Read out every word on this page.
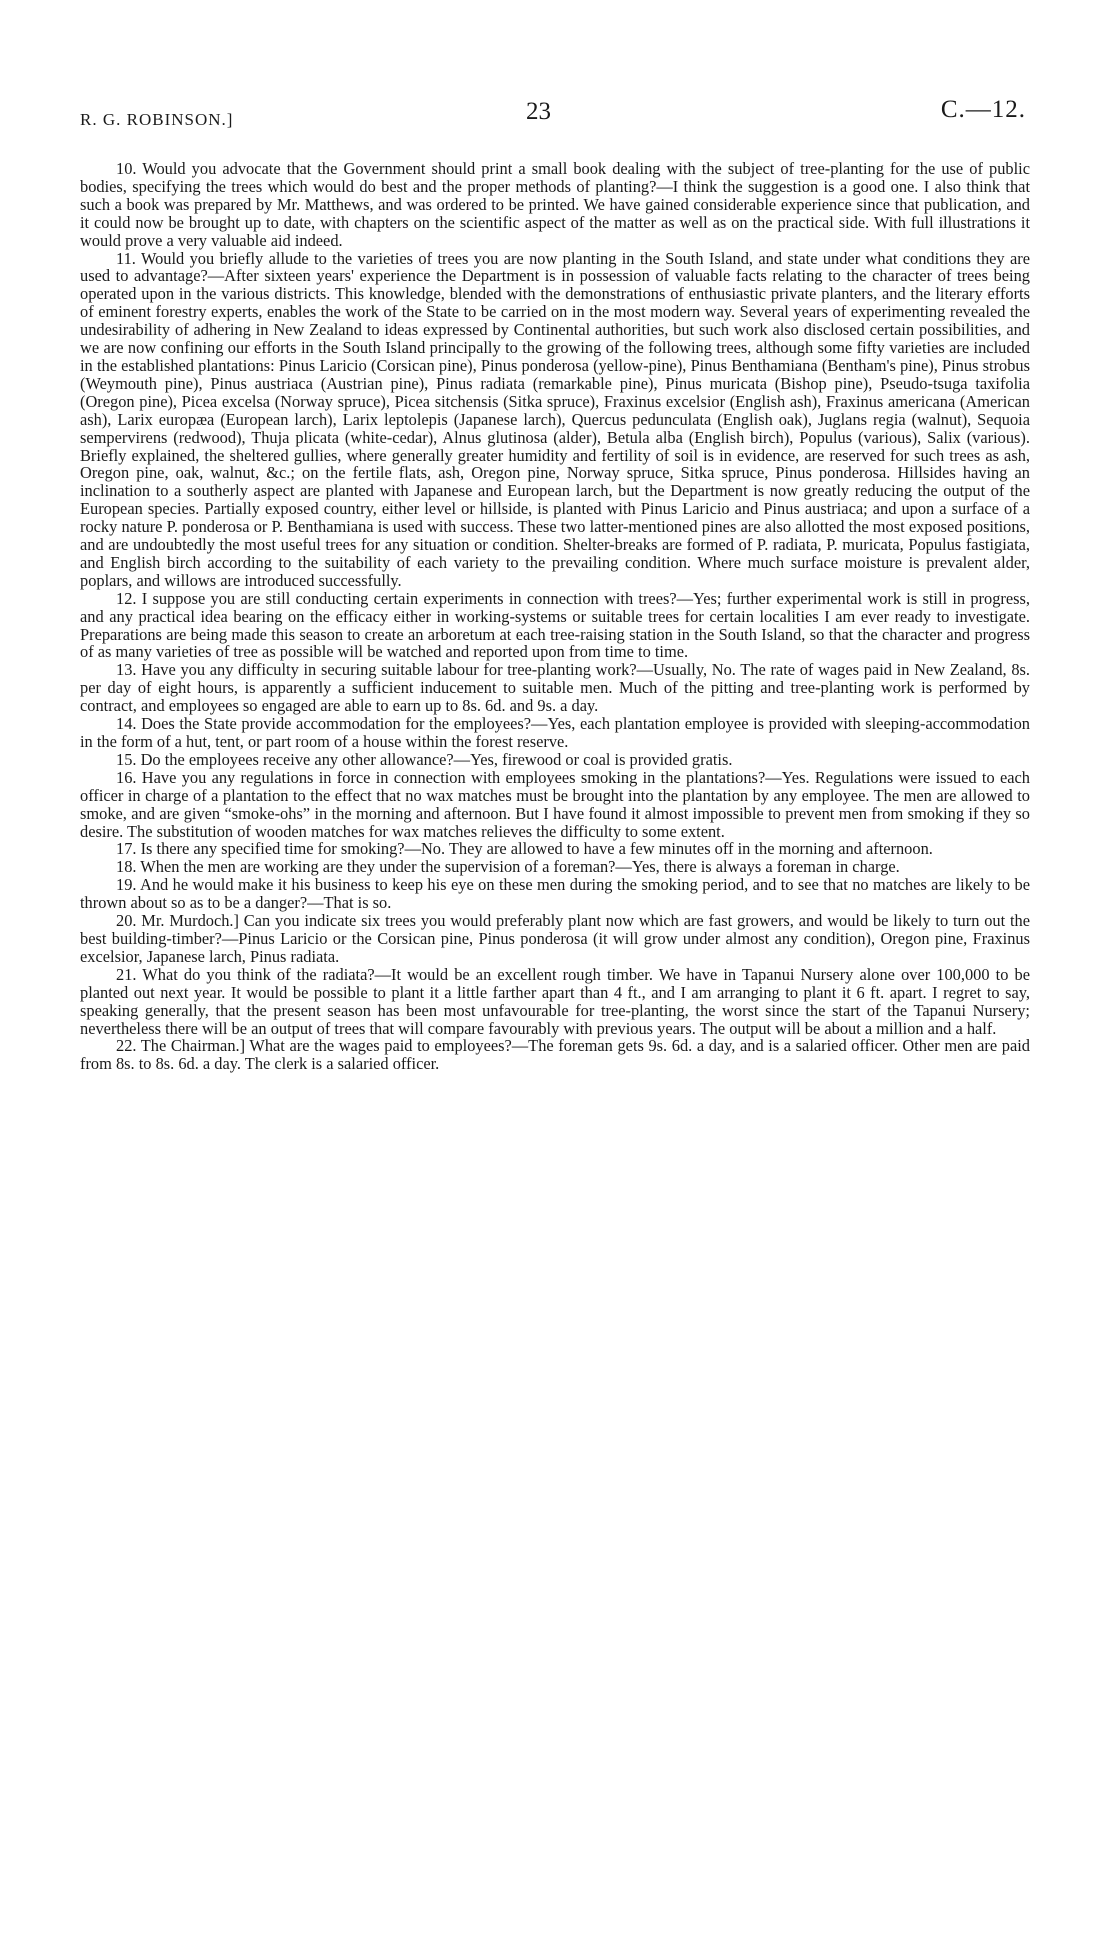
R. G. ROBINSON.]	23	C.—12.

10. Would you advocate that the Government should print a small book dealing with the subject of tree-planting for the use of public bodies, specifying the trees which would do best and the proper methods of planting?—I think the suggestion is a good one. I also think that such a book was prepared by Mr. Matthews, and was ordered to be printed. We have gained considerable experience since that publication, and it could now be brought up to date, with chapters on the scientific aspect of the matter as well as on the practical side. With full illustrations it would prove a very valuable aid indeed.

11. Would you briefly allude to the varieties of trees you are now planting in the South Island, and state under what conditions they are used to advantage?—After sixteen years' experience the Department is in possession of valuable facts relating to the character of trees being operated upon in the various districts. This knowledge, blended with the demonstrations of enthusiastic private planters, and the literary efforts of eminent forestry experts, enables the work of the State to be carried on in the most modern way. Several years of experimenting revealed the undesirability of adhering in New Zealand to ideas expressed by Continental authorities, but such work also disclosed certain possibilities, and we are now confining our efforts in the South Island principally to the growing of the following trees, although some fifty varieties are included in the established plantations: Pinus Laricio (Corsican pine), Pinus ponderosa (yellow-pine), Pinus Benthamiana (Bentham's pine), Pinus strobus (Weymouth pine), Pinus austriaca (Austrian pine), Pinus radiata (remarkable pine), Pinus muricata (Bishop pine), Pseudo-tsuga taxifolia (Oregon pine), Picea excelsa (Norway spruce), Picea sitchensis (Sitka spruce), Fraxinus excelsior (English ash), Fraxinus americana (American ash), Larix europæa (European larch), Larix leptolepis (Japanese larch), Quercus pedunculata (English oak), Juglans regia (walnut), Sequoia sempervirens (redwood), Thuja plicata (white-cedar), Alnus glutinosa (alder), Betula alba (English birch), Populus (various), Salix (various). Briefly explained, the sheltered gullies, where generally greater humidity and fertility of soil is in evidence, are reserved for such trees as ash, Oregon pine, oak, walnut, &c.; on the fertile flats, ash, Oregon pine, Norway spruce, Sitka spruce, Pinus ponderosa. Hillsides having an inclination to a southerly aspect are planted with Japanese and European larch, but the Department is now greatly reducing the output of the European species. Partially exposed country, either level or hillside, is planted with Pinus Laricio and Pinus austriaca; and upon a surface of a rocky nature P. ponderosa or P. Benthamiana is used with success. These two latter-mentioned pines are also allotted the most exposed positions, and are undoubtedly the most useful trees for any situation or condition. Shelter-breaks are formed of P. radiata, P. muricata, Populus fastigiata, and English birch according to the suitability of each variety to the prevailing condition. Where much surface moisture is prevalent alder, poplars, and willows are introduced successfully.

12. I suppose you are still conducting certain experiments in connection with trees?—Yes; further experimental work is still in progress, and any practical idea bearing on the efficacy either in working-systems or suitable trees for certain localities I am ever ready to investigate. Preparations are being made this season to create an arboretum at each tree-raising station in the South Island, so that the character and progress of as many varieties of tree as possible will be watched and reported upon from time to time.

13. Have you any difficulty in securing suitable labour for tree-planting work?—Usually, No. The rate of wages paid in New Zealand, 8s. per day of eight hours, is apparently a sufficient inducement to suitable men. Much of the pitting and tree-planting work is performed by contract, and employees so engaged are able to earn up to 8s. 6d. and 9s. a day.

14. Does the State provide accommodation for the employees?—Yes, each plantation employee is provided with sleeping-accommodation in the form of a hut, tent, or part room of a house within the forest reserve.

15. Do the employees receive any other allowance?—Yes, firewood or coal is provided gratis.

16. Have you any regulations in force in connection with employees smoking in the plantations?—Yes. Regulations were issued to each officer in charge of a plantation to the effect that no wax matches must be brought into the plantation by any employee. The men are allowed to smoke, and are given “smoke-ohs” in the morning and afternoon. But I have found it almost impossible to prevent men from smoking if they so desire. The substitution of wooden matches for wax matches relieves the difficulty to some extent.

17. Is there any specified time for smoking?—No. They are allowed to have a few minutes off in the morning and afternoon.

18. When the men are working are they under the supervision of a foreman?—Yes, there is always a foreman in charge.

19. And he would make it his business to keep his eye on these men during the smoking period, and to see that no matches are likely to be thrown about so as to be a danger?—That is so.

20. Mr. Murdoch.] Can you indicate six trees you would preferably plant now which are fast growers, and would be likely to turn out the best building-timber?—Pinus Laricio or the Corsican pine, Pinus ponderosa (it will grow under almost any condition), Oregon pine, Fraxinus excelsior, Japanese larch, Pinus radiata.

21. What do you think of the radiata?—It would be an excellent rough timber. We have in Tapanui Nursery alone over 100,000 to be planted out next year. It would be possible to plant it a little farther apart than 4 ft., and I am arranging to plant it 6 ft. apart. I regret to say, speaking generally, that the present season has been most unfavourable for tree-planting, the worst since the start of the Tapanui Nursery; nevertheless there will be an output of trees that will compare favourably with previous years. The output will be about a million and a half.

22. The Chairman.] What are the wages paid to employees?—The foreman gets 9s. 6d. a day, and is a salaried officer. Other men are paid from 8s. to 8s. 6d. a day. The clerk is a salaried officer.
